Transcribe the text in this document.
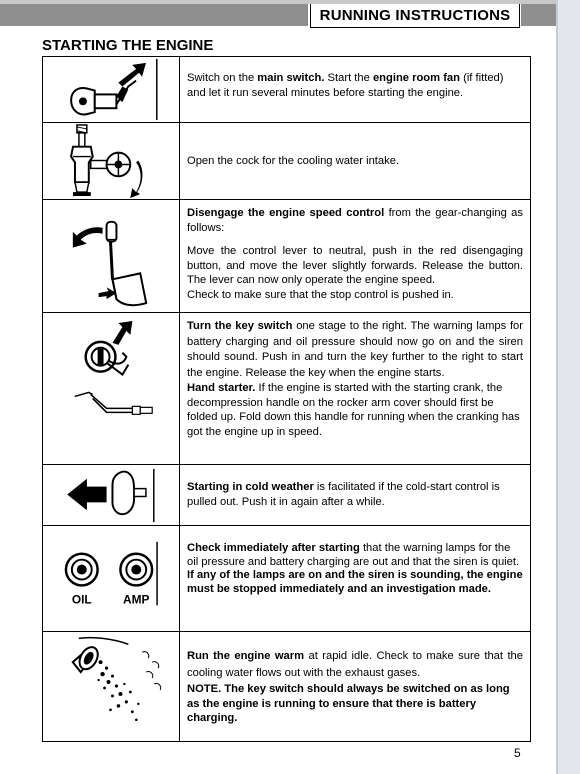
RUNNING INSTRUCTIONS
STARTING THE ENGINE

Switch on the main switch. Start the engine room fan (if fitted) and let it run several minutes before starting the engine.

Open the cock for the cooling water intake.

Disengage the engine speed control from the gear-changing as follows:

Move the control lever to neutral, push in the red disengaging button, and move the lever slightly forwards. Release the button. The lever can now only operate the engine speed.

Check to make sure that the stop control is pushed in.

Turn the key switch one stage to the right. The warning lamps for battery charging and oil pressure should now go on and the siren should sound. Push in and turn the key further to the right to start the engine. Release the key when the engine starts.

Hand starter. If the engine is started with the starting crank, the decompression handle on the rocker arm cover should first be folded up. Fold down this handle for running when the cranking has got the engine up in speed.

Starting in cold weather is facilitated if the cold-start control is pulled out. Push it in again after a while.

OIL	AMP

Check immediately after starting that the warning lamps for the oil pressure and battery charging are out and that the siren is quiet. If any of the lamps are on and the siren is sounding, the engine must be stopped immediately and an investigation made.

Run the engine warm at rapid idle. Check to make sure that the cooling water flows out with the exhaust gases.

NOTE. The key switch should always be switched on as long as the engine is running to ensure that there is battery charging.

5
